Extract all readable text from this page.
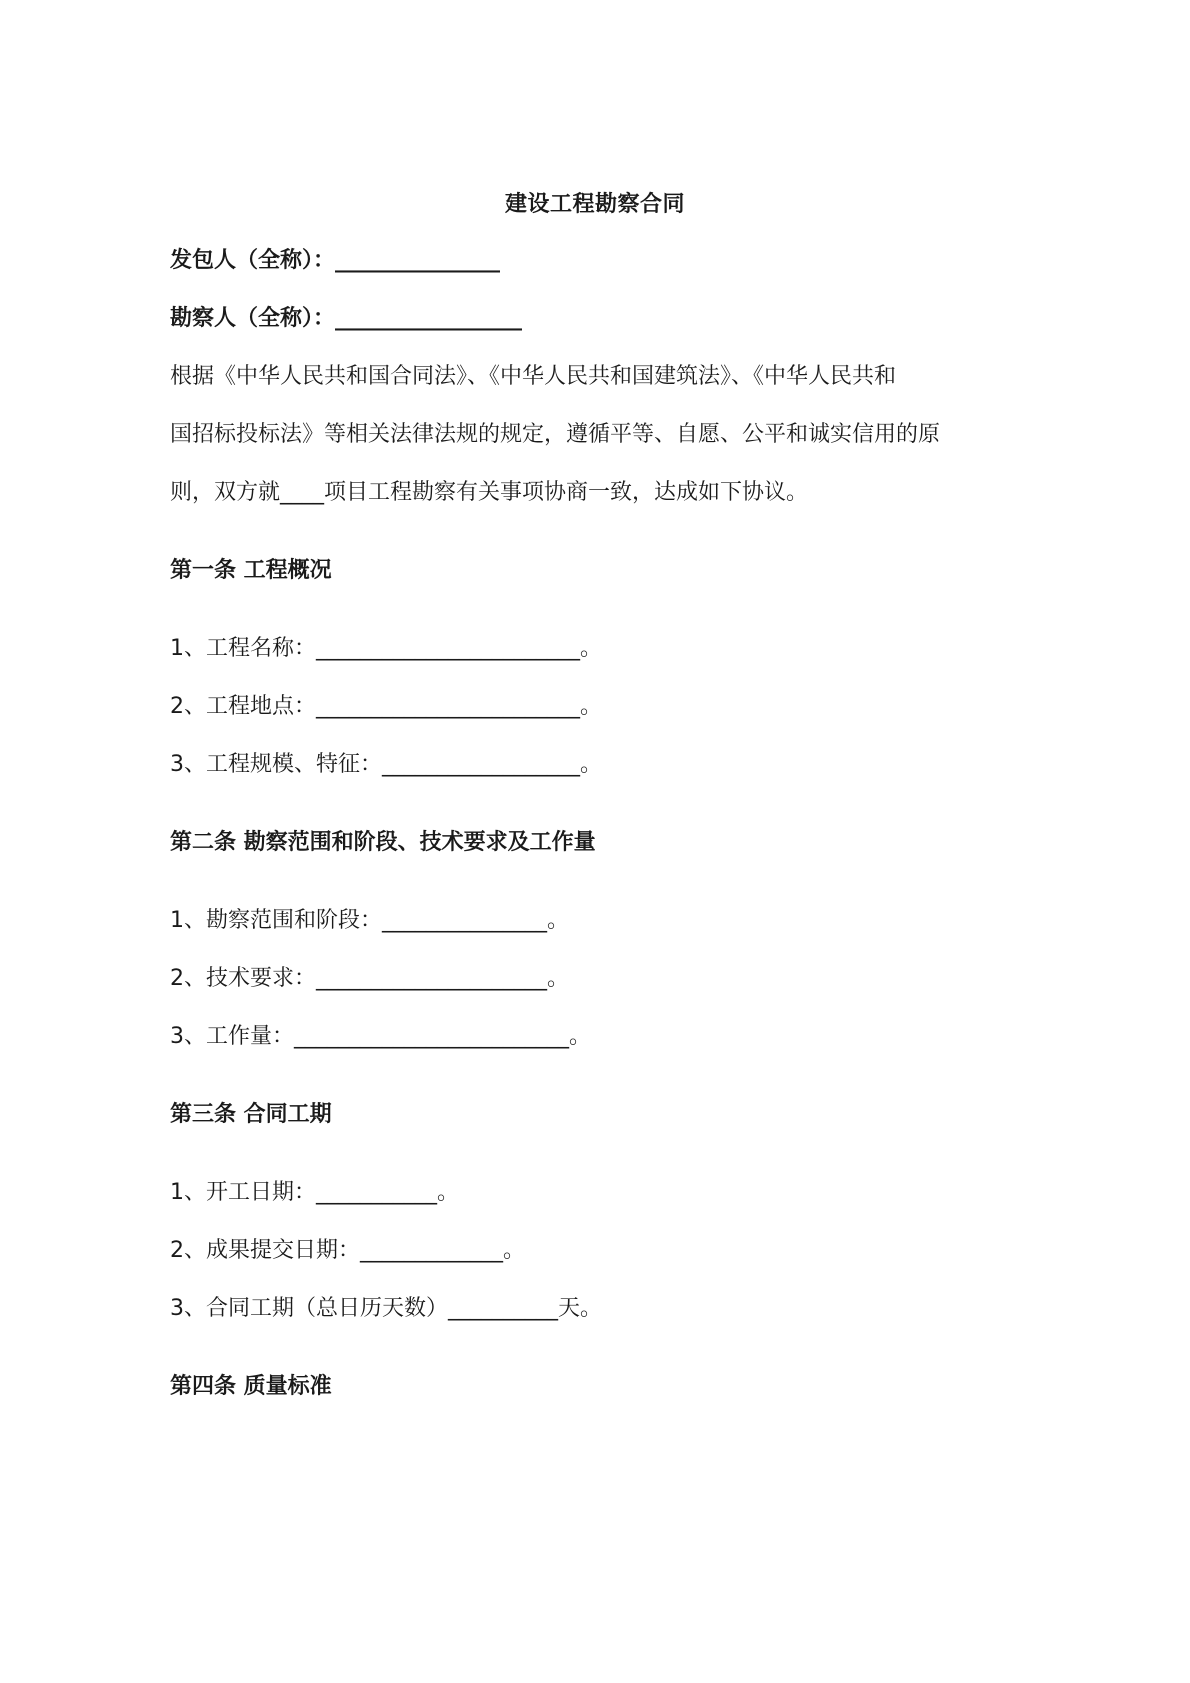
建设工程勘察合同
发包人（全称）：_______________
勘察人（全称）：_________________
根据《中华人民共和国合同法》、《中华人民共和国建筑法》、《中华人民共和
国招标投标法》等相关法律法规的规定，遵循平等、自愿、公平和诚实信用的原
则，双方就____项目工程勘察有关事项协商一致，达成如下协议。
第一条 工程概况
1、工程名称：________________________。
2、工程地点：________________________。
3、工程规模、特征：__________________。
第二条 勘察范围和阶段、技术要求及工作量
1、勘察范围和阶段：_______________。
2、技术要求：_____________________。
3、工作量：_________________________。
第三条 合同工期
1、开工日期：___________。
2、成果提交日期：_____________。
3、合同工期（总日历天数）__________天。
第四条 质量标准
